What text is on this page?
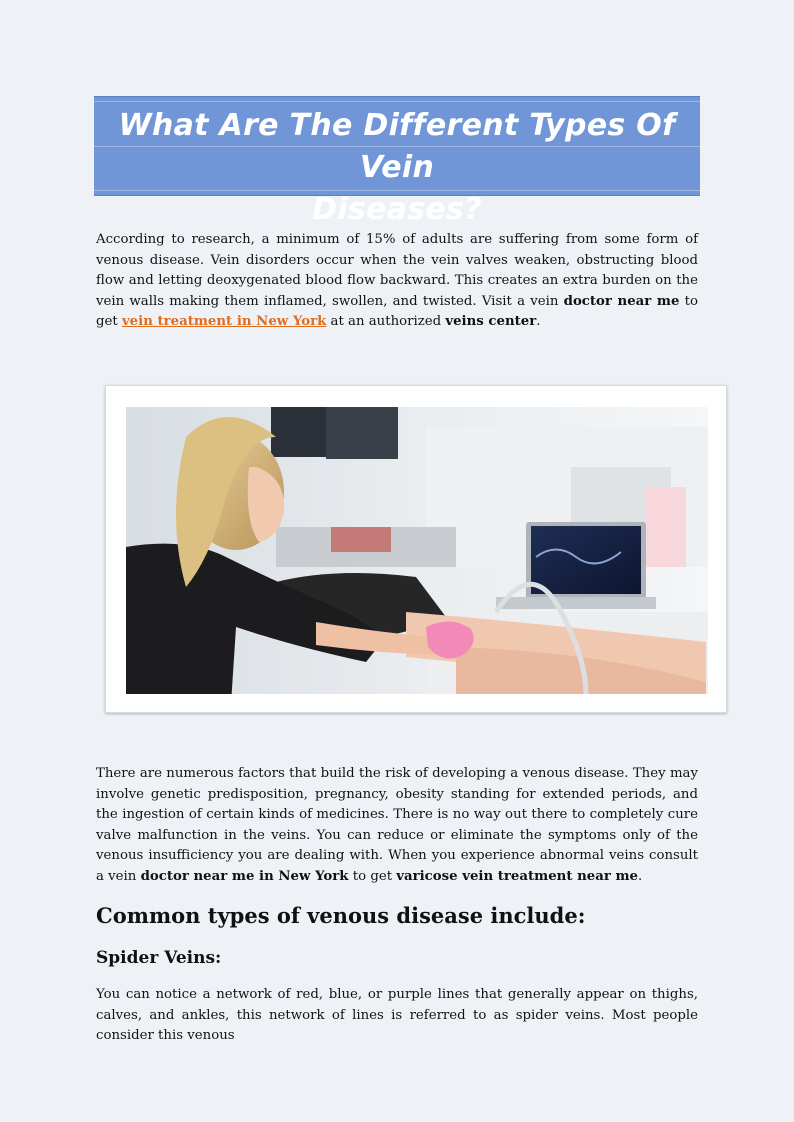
What Are The Different Types Of Vein
Diseases?

According to research, a minimum of 15% of adults are suffering from some form of venous disease. Vein disorders occur when the vein valves weaken, obstructing blood flow and letting deoxygenated blood flow backward. This creates an extra burden on the vein walls making them inflamed, swollen, and twisted. Visit a vein doctor near me to get vein treatment in New York at an authorized veins center.

There are numerous factors that build the risk of developing a venous disease. They may involve genetic predisposition, pregnancy, obesity standing for extended periods, and the ingestion of certain kinds of medicines. There is no way out there to completely cure valve malfunction in the veins. You can reduce or eliminate the symptoms only of the venous insufficiency you are dealing with. When you experience abnormal veins consult a vein doctor near me in New York to get varicose vein treatment near me.

Common types of venous disease include:
Spider Veins:

You can notice a network of red, blue, or purple lines that generally appear on thighs, calves, and ankles, this network of lines is referred to as spider veins. Most people consider this venous
